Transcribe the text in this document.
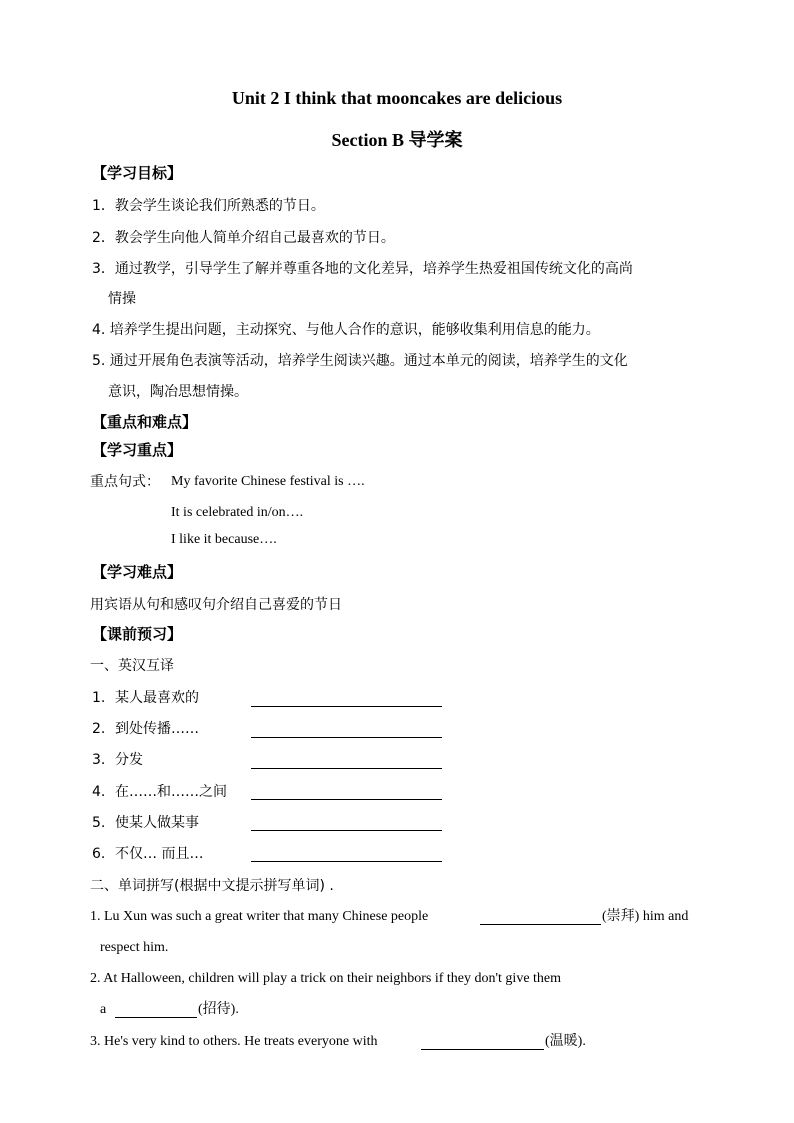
Unit 2 I think that mooncakes are delicious
Section B 导学案
【学习目标】
1．教会学生谈论我们所熟悉的节日。
2．教会学生向他人简单介绍自己最喜欢的节日。
3．通过教学，引导学生了解并尊重各地的文化差异，培养学生热爱祖国传统文化的高尚
情操
4. 培养学生提出问题，主动探究、与他人合作的意识，能够收集利用信息的能力。
5. 通过开展角色表演等活动，培养学生阅读兴趣。通过本单元的阅读，培养学生的文化
意识，陶冶思想情操。
【重点和难点】
【学习重点】
重点句式： My favorite Chinese festival is ….
It is celebrated in/on….
I like it because….
【学习难点】
用宾语从句和感叹句介绍自己喜爱的节日
【课前预习】
一、英汉互译
1. 某人最喜欢的
2. 到处传播……
3. 分发
4. 在……和……之间
5. 使某人做某事
6. 不仅… 而且…
二、单词拼写(根据中文提示拼写单词) .
1. Lu Xun was such a great writer that many Chinese people	(崇拜) him and
respect him.
2. At Halloween, children will play a trick on their neighbors if they don't give them
a	(招待).
3. He's very kind to others. He treats everyone with	(温暖).
